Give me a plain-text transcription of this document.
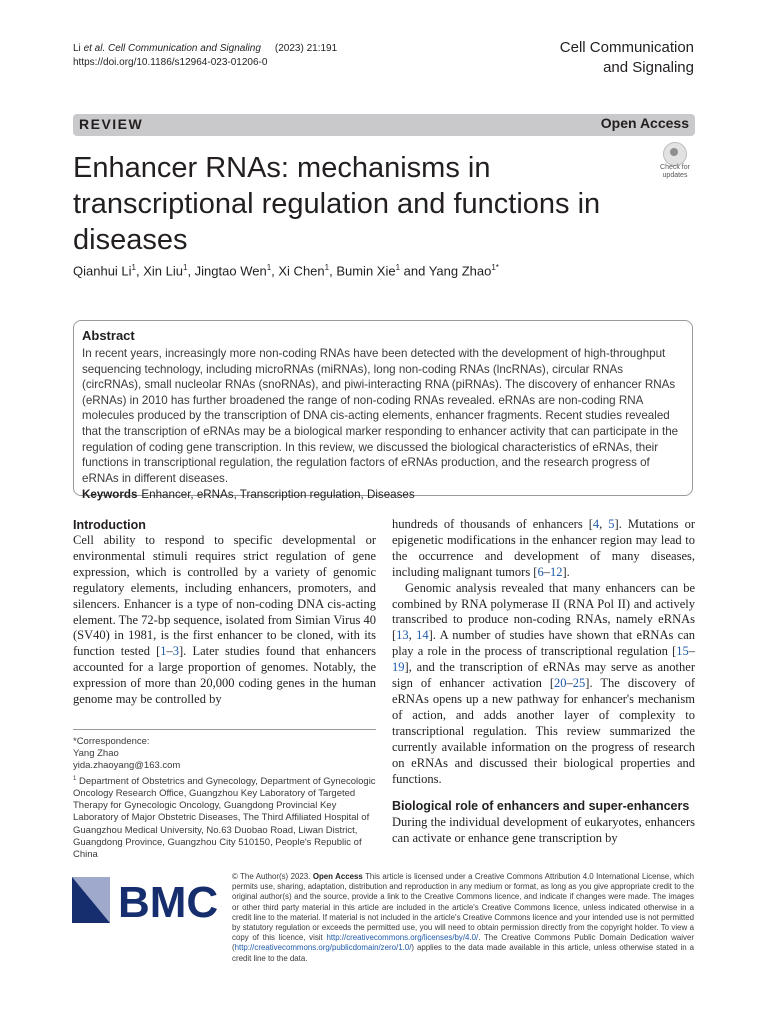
Li et al. Cell Communication and Signaling (2023) 21:191
https://doi.org/10.1186/s12964-023-01206-0
Cell Communication
and Signaling
REVIEW	Open Access
Enhancer RNAs: mechanisms in transcriptional regulation and functions in diseases
Check for
updates
Qianhui Li$^1$, Xin Liu$^1$, Jingtao Wen$^1$, Xi Chen$^1$, Bumin Xie$^1$ and Yang Zhao$^{1*}$
Abstract

In recent years, increasingly more non-coding RNAs have been detected with the development of high-throughput sequencing technology, including microRNAs (miRNAs), long non-coding RNAs (lncRNAs), circular RNAs (circRNAs), small nucleolar RNAs (snoRNAs), and piwi-interacting RNA (piRNAs). The discovery of enhancer RNAs (eRNAs) in 2010 has further broadened the range of non-coding RNAs revealed. eRNAs are non-coding RNA molecules produced by the transcription of DNA cis-acting elements, enhancer fragments. Recent studies revealed that the transcription of eRNAs may be a biological marker responding to enhancer activity that can participate in the regulation of coding gene transcription. In this review, we discussed the biological characteristics of eRNAs, their functions in transcriptional regulation, the regulation factors of eRNAs production, and the research progress of eRNAs in different diseases.

Keywords Enhancer, eRNAs, Transcription regulation, Diseases
Introduction

Cell ability to respond to specific developmental or environmental stimuli requires strict regulation of gene expression, which is controlled by a variety of genomic regulatory elements, including enhancers, promoters, and silencers. Enhancer is a type of non-coding DNA cis-acting element. The 72-bp sequence, isolated from Simian Virus 40 (SV40) in 1981, is the first enhancer to be cloned, with its function tested [1–3]. Later studies found that enhancers accounted for a large proportion of genomes. Notably, the expression of more than 20,000 coding genes in the human genome may be controlled by

*Correspondence:

Yang Zhao

yida.zhaoyang@163.com

$^1$ Department of Obstetrics and Gynecology, Department of Gynecologic Oncology Research Office, Guangzhou Key Laboratory of Targeted Therapy for Gynecologic Oncology, Guangdong Provincial Key Laboratory of Major Obstetric Diseases, The Third Affiliated Hospital of Guangzhou Medical University, No.63 Duobao Road, Liwan District, Guangdong Province, Guangzhou City 510150, People's Republic of China

hundreds of thousands of enhancers [4, 5]. Mutations or epigenetic modifications in the enhancer region may lead to the occurrence and development of many diseases, including malignant tumors [6–12].

Genomic analysis revealed that many enhancers can be combined by RNA polymerase II (RNA Pol II) and actively transcribed to produce non-coding RNAs, namely eRNAs [13, 14]. A number of studies have shown that eRNAs can play a role in the process of transcriptional regulation [15–19], and the transcription of eRNAs may serve as another sign of enhancer activation [20–25]. The discovery of eRNAs opens up a new pathway for enhancer's mechanism of action, and adds another layer of complexity to transcriptional regulation. This review summarized the currently available information on the progress of research on eRNAs and discussed their biological properties and functions.

Biological role of enhancers and super-enhancers

During the individual development of eukaryotes, enhancers can activate or enhance gene transcription by

BMC
© The Author(s) 2023. Open Access This article is licensed under a Creative Commons Attribution 4.0 International License, which permits use, sharing, adaptation, distribution and reproduction in any medium or format, as long as you give appropriate credit to the original author(s) and the source, provide a link to the Creative Commons licence, and indicate if changes were made. The images or other third party material in this article are included in the article's Creative Commons licence, unless indicated otherwise in a credit line to the material. If material is not included in the article's Creative Commons licence and your intended use is not permitted by statutory regulation or exceeds the permitted use, you will need to obtain permission directly from the copyright holder. To view a copy of this licence, visit http://creativecommons.org/licenses/by/4.0/. The Creative Commons Public Domain Dedication waiver (http://creativecommons.org/publicdomain/zero/1.0/) applies to the data made available in this article, unless otherwise stated in a credit line to the data.
